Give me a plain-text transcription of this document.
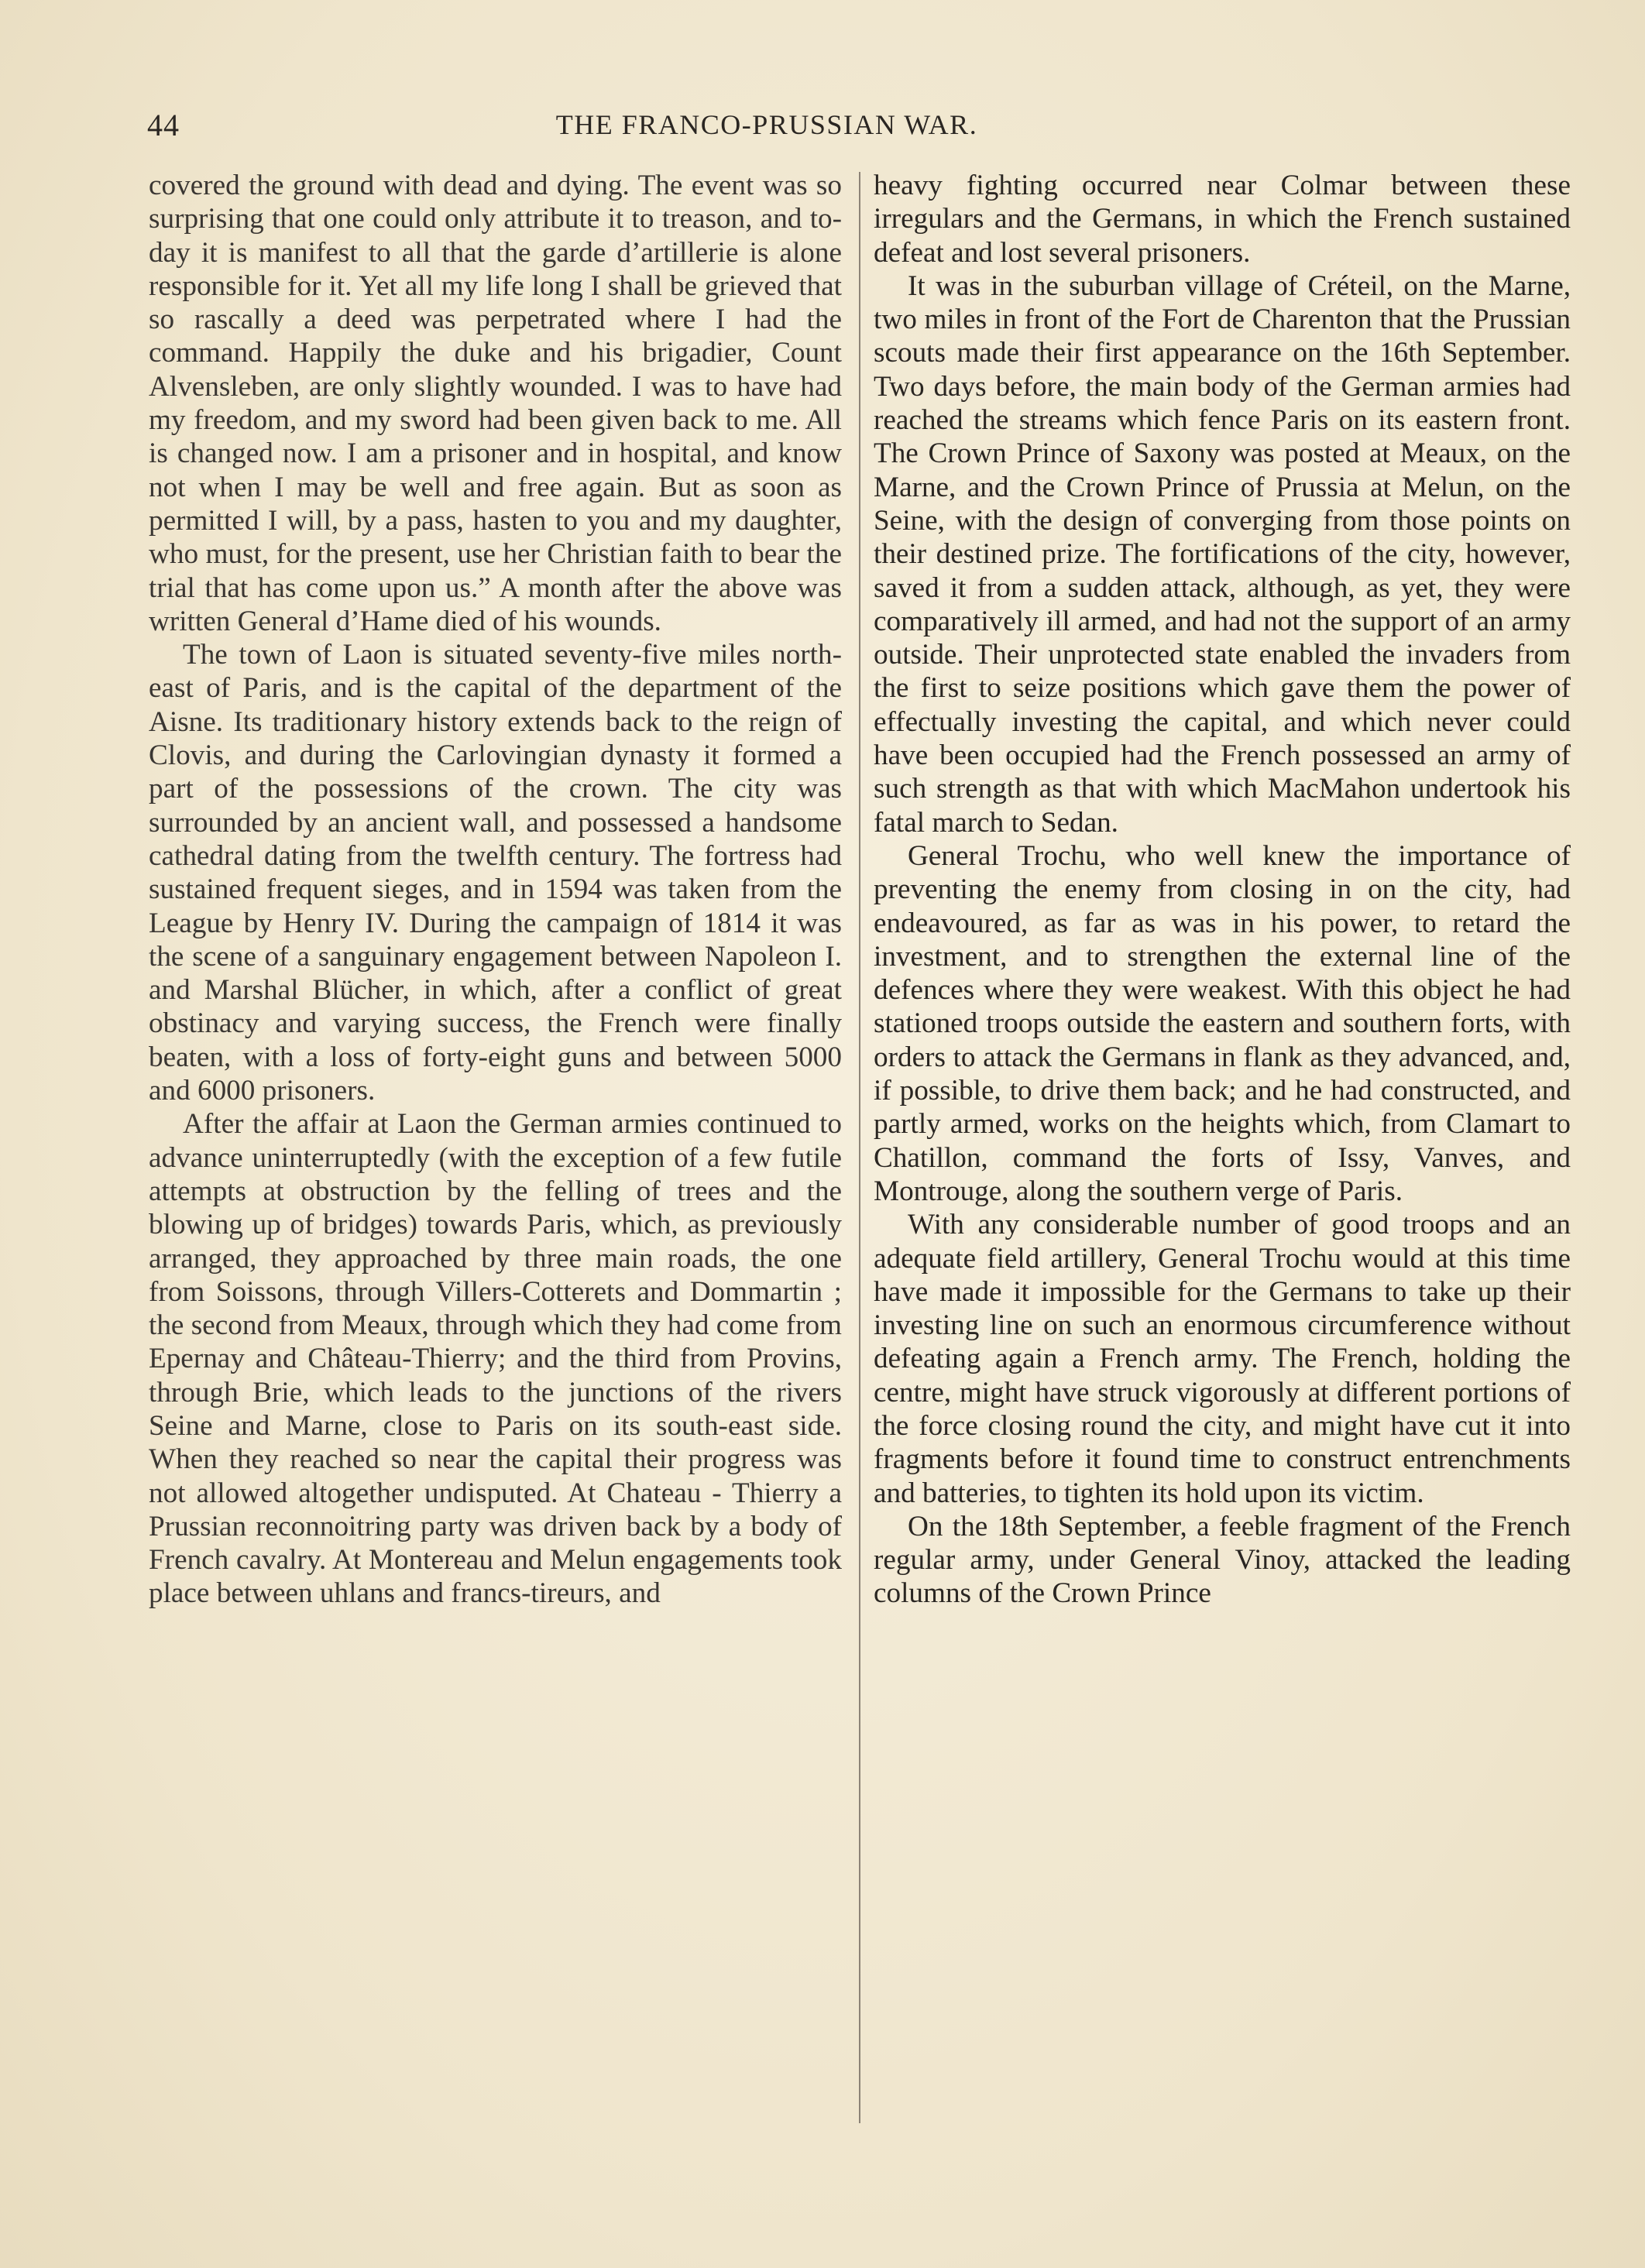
44	THE FRANCO-PRUSSIAN WAR.

covered the ground with dead and dying. The event was so surprising that one could only attribute it to treason, and to-day it is manifest to all that the garde d’artillerie is alone responsible for it. Yet all my life long I shall be grieved that so rascally a deed was perpetrated where I had the command. Happily the duke and his brigadier, Count Alvensleben, are only slightly wounded. I was to have had my freedom, and my sword had been given back to me. All is changed now. I am a prisoner and in hospital, and know not when I may be well and free again. But as soon as permitted I will, by a pass, hasten to you and my daughter, who must, for the present, use her Christian faith to bear the trial that has come upon us.” A month after the above was written General d’Hame died of his wounds.

The town of Laon is situated seventy-five miles north-east of Paris, and is the capital of the department of the Aisne. Its traditionary history extends back to the reign of Clovis, and during the Carlovingian dynasty it formed a part of the possessions of the crown. The city was surrounded by an ancient wall, and possessed a handsome cathedral dating from the twelfth century. The fortress had sustained frequent sieges, and in 1594 was taken from the League by Henry IV. During the campaign of 1814 it was the scene of a sanguinary engagement between Napoleon I. and Marshal Blücher, in which, after a conflict of great obstinacy and varying success, the French were finally beaten, with a loss of forty-eight guns and between 5000 and 6000 prisoners.

After the affair at Laon the German armies continued to advance uninterruptedly (with the exception of a few futile attempts at obstruction by the felling of trees and the blowing up of bridges) towards Paris, which, as previously arranged, they approached by three main roads, the one from Soissons, through Villers-Cotterets and Dommartin ; the second from Meaux, through which they had come from Epernay and Château-Thierry; and the third from Provins, through Brie, which leads to the junctions of the rivers Seine and Marne, close to Paris on its south-east side. When they reached so near the capital their progress was not allowed altogether undisputed. At Chateau - Thierry a Prussian reconnoitring party was driven back by a body of French cavalry. At Montereau and Melun engagements took place between uhlans and francs-tireurs, and

heavy fighting occurred near Colmar between these irregulars and the Germans, in which the French sustained defeat and lost several prisoners.

It was in the suburban village of Créteil, on the Marne, two miles in front of the Fort de Charenton that the Prussian scouts made their first appearance on the 16th September. Two days before, the main body of the German armies had reached the streams which fence Paris on its eastern front. The Crown Prince of Saxony was posted at Meaux, on the Marne, and the Crown Prince of Prussia at Melun, on the Seine, with the design of converging from those points on their destined prize. The fortifications of the city, however, saved it from a sudden attack, although, as yet, they were comparatively ill armed, and had not the support of an army outside. Their unprotected state enabled the invaders from the first to seize positions which gave them the power of effectually investing the capital, and which never could have been occupied had the French possessed an army of such strength as that with which MacMahon undertook his fatal march to Sedan.

General Trochu, who well knew the importance of preventing the enemy from closing in on the city, had endeavoured, as far as was in his power, to retard the investment, and to strengthen the external line of the defences where they were weakest. With this object he had stationed troops outside the eastern and southern forts, with orders to attack the Germans in flank as they advanced, and, if possible, to drive them back; and he had constructed, and partly armed, works on the heights which, from Clamart to Chatillon, command the forts of Issy, Vanves, and Montrouge, along the southern verge of Paris.

With any considerable number of good troops and an adequate field artillery, General Trochu would at this time have made it impossible for the Germans to take up their investing line on such an enormous circumference without defeating again a French army. The French, holding the centre, might have struck vigorously at different portions of the force closing round the city, and might have cut it into fragments before it found time to construct entrenchments and batteries, to tighten its hold upon its victim.

On the 18th September, a feeble fragment of the French regular army, under General Vinoy, attacked the leading columns of the Crown Prince
